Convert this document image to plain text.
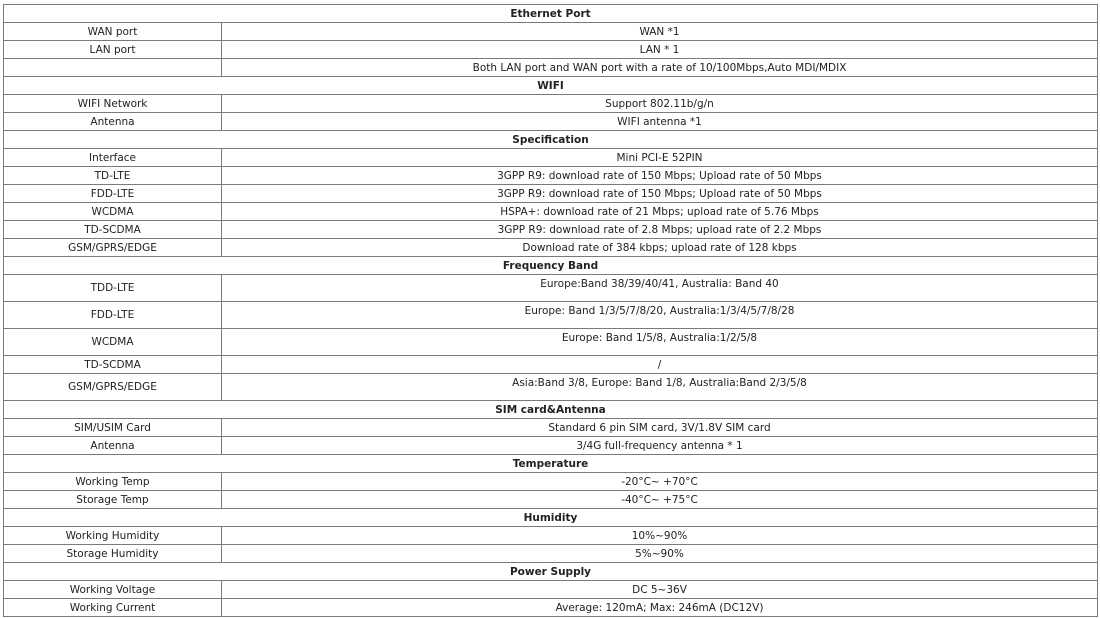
Ethernet Port	
WAN port	WAN *1
LAN port	LAN * 1
	Both LAN port and WAN port with a rate of 10/100Mbps,Auto MDI/MDIX
WIFI	
WIFI Network	Support 802.11b/g/n
Antenna	WIFI antenna *1
Specification	
Interface	Mini PCI-E 52PIN
TD-LTE	3GPP R9: download rate of 150 Mbps; Upload rate of 50 Mbps
FDD-LTE	3GPP R9: download rate of 150 Mbps; Upload rate of 50 Mbps
WCDMA	HSPA+: download rate of 21 Mbps; upload rate of 5.76 Mbps
TD-SCDMA	3GPP R9: download rate of 2.8 Mbps; upload rate of 2.2 Mbps
GSM/GPRS/EDGE	Download rate of 384 kbps; upload rate of 128 kbps
Frequency Band	
TDD-LTE	Europe:Band 38/39/40/41, Australia: Band 40
FDD-LTE	Europe: Band 1/3/5/7/8/20, Australia:1/3/4/5/7/8/28
WCDMA	Europe: Band 1/5/8, Australia:1/2/5/8
TD-SCDMA	/
GSM/GPRS/EDGE	Asia:Band 3/8, Europe: Band 1/8, Australia:Band 2/3/5/8
SIM card&Antenna	
SIM/USIM Card	Standard 6 pin SIM card, 3V/1.8V SIM card
Antenna	3/4G full-frequency antenna * 1
Temperature	
Working Temp	-20°C~ +70°C
Storage Temp	-40°C~ +75°C
Humidity	
Working Humidity	10%~90%
Storage Humidity	5%~90%
Power Supply	
Working Voltage	DC 5~36V
Working Current	Average: 120mA; Max: 246mA (DC12V)
